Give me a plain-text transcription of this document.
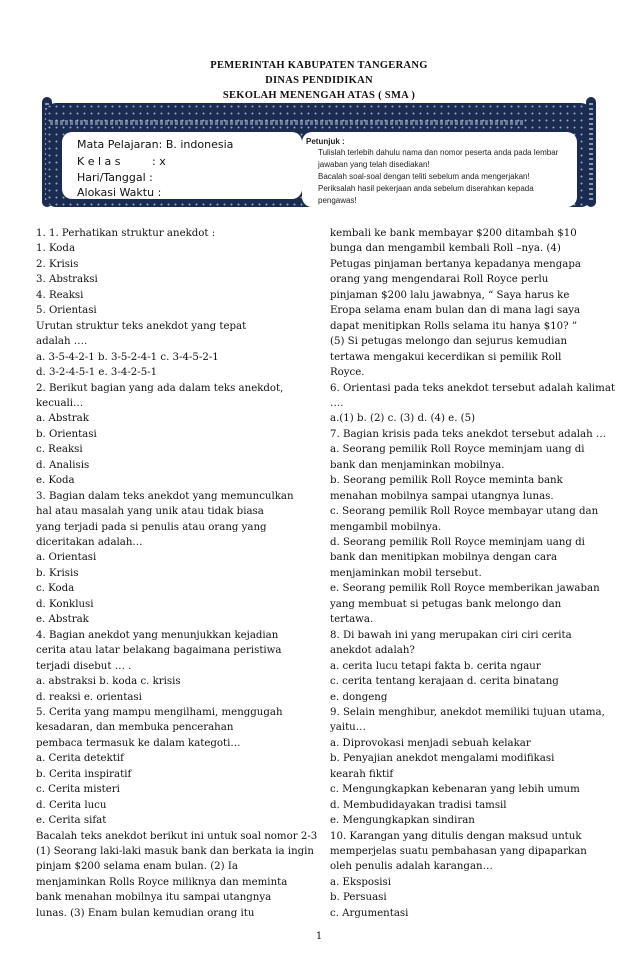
PEMERINTAH KABUPATEN TANGERANG
DINAS PENDIDIKAN
SEKOLAH MENENGAH ATAS ( SMA )
Mata Pelajaran: B. indonesia
K e l a s	: x
Hari/Tanggal :
Alokasi Waktu :
Petunjuk :
Tulislah terlebih dahulu nama dan nomor peserta anda pada lembar
jawaban yang telah disediakan!
Bacalah soal-soal dengan teliti sebelum anda mengerjakan!
Periksalah hasil pekerjaan anda sebelum diserahkan kepada
pengawas!
1. 1. Perhatikan struktur anekdot :
1. Koda
2. Krisis
3. Abstraksi
4. Reaksi
5. Orientasi
Urutan struktur teks anekdot yang tepat
adalah ….
a. 3-5-4-2-1 b. 3-5-2-4-1 c. 3-4-5-2-1
d. 3-2-4-5-1 e. 3-4-2-5-1
2. Berikut bagian yang ada dalam teks anekdot,
kecuali…
a. Abstrak
b. Orientasi
c. Reaksi
d. Analisis
e. Koda
3. Bagian dalam teks anekdot yang memunculkan
hal atau masalah yang unik atau tidak biasa
yang terjadi pada si penulis atau orang yang
diceritakan adalah…
a. Orientasi
b. Krisis
c. Koda
d. Konklusi
e. Abstrak
4. Bagian anekdot yang menunjukkan kejadian
cerita atau latar belakang bagaimana peristiwa
terjadi disebut … .
a. abstraksi b. koda c. krisis
d. reaksi e. orientasi
5. Cerita yang mampu mengilhami, menggugah
kesadaran, dan membuka pencerahan
pembaca termasuk ke dalam kategoti…
a. Cerita detektif
b. Cerita inspiratif
c. Cerita misteri
d. Cerita lucu
e. Cerita sifat
Bacalah teks anekdot berikut ini untuk soal nomor 2-3
(1) Seorang laki-laki masuk bank dan berkata ia ingin
pinjam $200 selama enam bulan. (2) Ia
menjaminkan Rolls Royce miliknya dan meminta
bank menahan mobilnya itu sampai utangnya
lunas. (3) Enam bulan kemudian orang itu
kembali ke bank membayar $200 ditambah $10
bunga dan mengambil kembali Roll –nya. (4)
Petugas pinjaman bertanya kepadanya mengapa
orang yang mengendarai Roll Royce perlu
pinjaman $200 lalu jawabnya, “ Saya harus ke
Eropa selama enam bulan dan di mana lagi saya
dapat menitipkan Rolls selama itu hanya $10? ”
(5) Si petugas melongo dan sejurus kemudian
tertawa mengakui kecerdikan si pemilik Roll
Royce.
6. Orientasi pada teks anekdot tersebut adalah kalimat
….
a.(1) b. (2) c. (3) d. (4) e. (5)
7. Bagian krisis pada teks anekdot tersebut adalah …
a. Seorang pemilik Roll Royce meminjam uang di
bank dan menjaminkan mobilnya.
b. Seorang pemilik Roll Royce meminta bank
menahan mobilnya sampai utangnya lunas.
c. Seorang pemilik Roll Royce membayar utang dan
mengambil mobilnya.
d. Seorang pemilik Roll Royce meminjam uang di
bank dan menitipkan mobilnya dengan cara
menjaminkan mobil tersebut.
e. Seorang pemilik Roll Royce memberikan jawaban
yang membuat si petugas bank melongo dan
tertawa.
8. Di bawah ini yang merupakan ciri ciri cerita
anekdot adalah?
a. cerita lucu tetapi fakta b. cerita ngaur
c. cerita tentang kerajaan d. cerita binatang
e. dongeng
9. Selain menghibur, anekdot memiliki tujuan utama,
yaitu…
a. Diprovokasi menjadi sebuah kelakar
b. Penyajian anekdot mengalami modifikasi
kearah fiktif
c. Mengungkapkan kebenaran yang lebih umum
d. Membudidayakan tradisi tamsil
e. Mengungkapkan sindiran
10. Karangan yang ditulis dengan maksud untuk
memperjelas suatu pembahasan yang dipaparkan
oleh penulis adalah karangan…
a. Eksposisi
b. Persuasi
c. Argumentasi
1
